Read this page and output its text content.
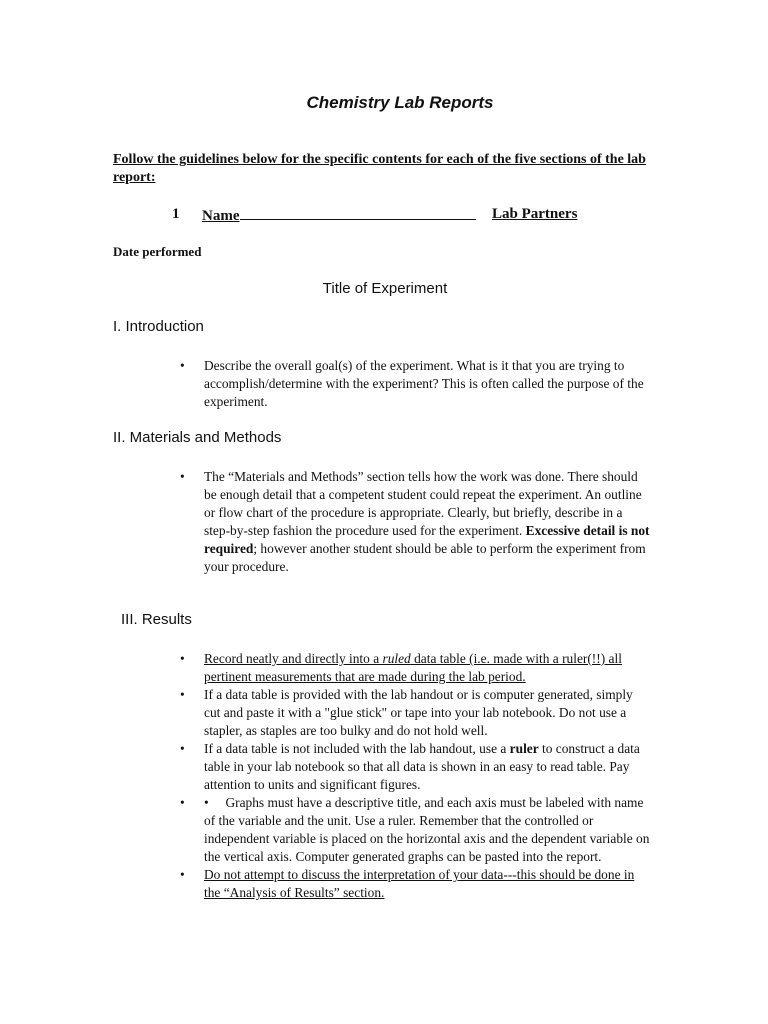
Chemistry Lab Reports
Follow the guidelines below for the specific contents for each of the five sections of the lab report:
1 Name	Lab Partners
Date performed
Title of Experiment
I. Introduction
• Describe the overall goal(s) of the experiment. What is it that you are trying to accomplish/determine with the experiment? This is often called the purpose of the experiment.
II. Materials and Methods
• The “Materials and Methods” section tells how the work was done. There should be enough detail that a competent student could repeat the experiment. An outline or flow chart of the procedure is appropriate. Clearly, but briefly, describe in a step-by-step fashion the procedure used for the experiment. Excessive detail is not required; however another student should be able to perform the experiment from your procedure.
III. Results
• Record neatly and directly into a ruled data table (i.e. made with a ruler(!!) all pertinent measurements that are made during the lab period.
• If a data table is provided with the lab handout or is computer generated, simply cut and paste it with a "glue stick" or tape into your lab notebook. Do not use a stapler, as staples are too bulky and do not hold well.
• If a data table is not included with the lab handout, use a ruler to construct a data table in your lab notebook so that all data is shown in an easy to read table. Pay attention to units and significant figures.
• • Graphs must have a descriptive title, and each axis must be labeled with name of the variable and the unit. Use a ruler. Remember that the controlled or independent variable is placed on the horizontal axis and the dependent variable on the vertical axis. Computer generated graphs can be pasted into the report.
• Do not attempt to discuss the interpretation of your data---this should be done in the “Analysis of Results” section.
